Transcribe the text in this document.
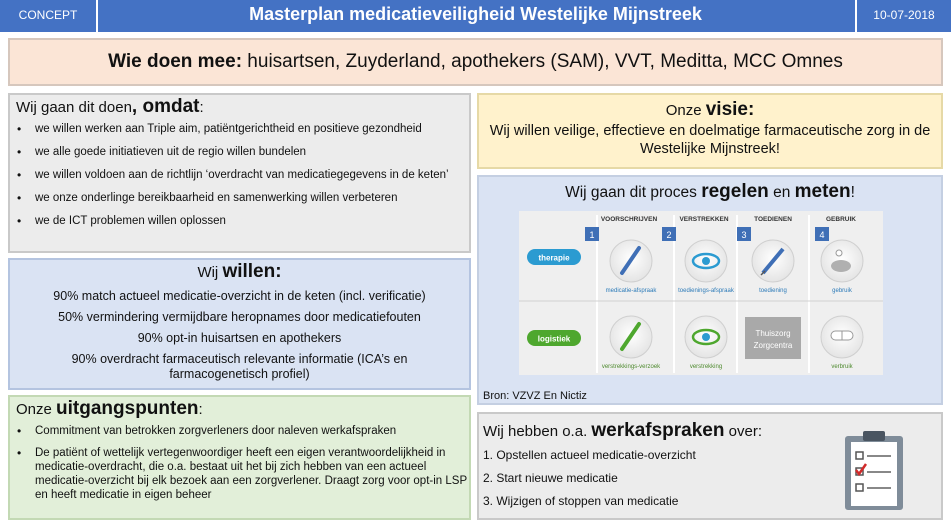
CONCEPT	Masterplan medicatieveiligheid Westelijke Mijnstreek	10-07-2018
Wie doen mee: huisartsen, Zuyderland, apothekers (SAM), VVT, Meditta, MCC Omnes
Wij gaan dit doen, omdat:
• we willen werken aan Triple aim, patiëntgerichtheid en positieve gezondheid
• we alle goede initiatieven uit de regio willen bundelen
• we willen voldoen aan de richtlijn ‘overdracht van medicatiegegevens in de keten’
• we onze onderlinge bereikbaarheid en samenwerking willen verbeteren
• we de ICT problemen willen oplossen
Wij willen:

90% match actueel medicatie-overzicht in de keten (incl. verificatie)

50% vermindering vermijdbare heropnames door medicatiefouten

90% opt-in huisartsen en apothekers

90% overdracht farmaceutisch relevante informatie (ICA’s en farmacogenetisch profiel)

Onze uitgangspunten:
• Commitment van betrokken zorgverleners door naleven werkafspraken
• De patiënt of wettelijk vertegenwoordiger heeft een eigen verantwoordelijkheid in medicatie-overdracht, die o.a. bestaat uit het bij zich hebben van een actueel medicatie-overzicht bij elk bezoek aan een zorgverlener. Draagt zorg voor opt-in LSP en heeft medicatie in eigen beheer
Onze visie:
Wij willen veilige, effectieve en doelmatige farmaceutische zorg in de Westelijke Mijnstreek!
Wij gaan dit proces regelen en meten!
VOORSCHRIJVEN	VERSTREKKEN	TOEDIENEN	GEBRUIK
1	2	3	4
therapie
logistiek
medicatie-afspraak	toedienings-afspraak	toediening	gebruik
Thuiszorg
Zorgcentra
verstrekkings-verzoek	verstrekking	verbruik
Bron: VZVZ En Nictiz
Wij hebben o.a. werkafspraken over:
1. Opstellen actueel medicatie-overzicht
2. Start nieuwe medicatie
3. Wijzigen of stoppen van medicatie
